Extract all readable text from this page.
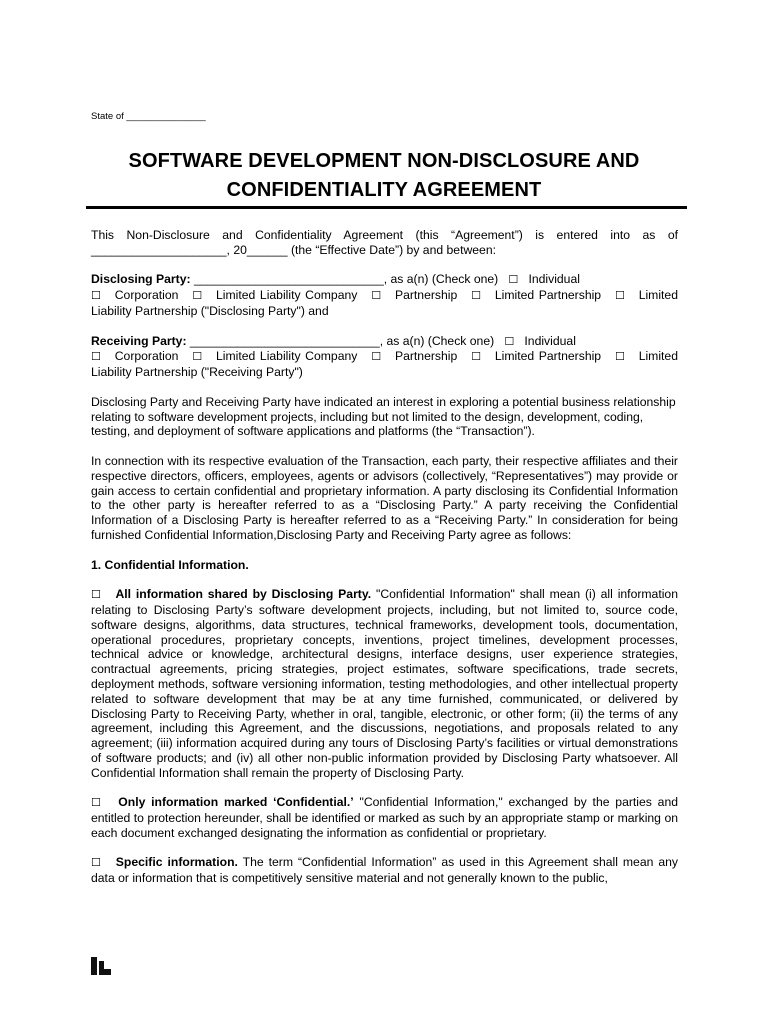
State of _______________
SOFTWARE DEVELOPMENT NON-DISCLOSURE AND
CONFIDENTIALITY AGREEMENT

This Non-Disclosure and Confidentiality Agreement (this “Agreement”) is entered into as of ____________________, 20______ (the “Effective Date”) by and between:

Disclosing Party: ____________________________, as a(n) (Check one) ☐ Individual
☐ Corporation ☐ Limited Liability Company ☐ Partnership ☐ Limited Partnership ☐ Limited Liability Partnership ("Disclosing Party") and

Receiving Party: ____________________________, as a(n) (Check one) ☐ Individual
☐ Corporation ☐ Limited Liability Company ☐ Partnership ☐ Limited Partnership ☐ Limited Liability Partnership ("Receiving Party")

Disclosing Party and Receiving Party have indicated an interest in exploring a potential business relationship relating to software development projects, including but not limited to the design, development, coding, testing, and deployment of software applications and platforms (the “Transaction”).

In connection with its respective evaluation of the Transaction, each party, their respective affiliates and their respective directors, officers, employees, agents or advisors (collectively, “Representatives”) may provide or gain access to certain confidential and proprietary information. A party disclosing its Confidential Information to the other party is hereafter referred to as a “Disclosing Party.” A party receiving the Confidential Information of a Disclosing Party is hereafter referred to as a “Receiving Party.” In consideration for being furnished Confidential Information,Disclosing Party and Receiving Party agree as follows:

1. Confidential Information.

☐ All information shared by Disclosing Party. "Confidential Information" shall mean (i) all information relating to Disclosing Party’s software development projects, including, but not limited to, source code, software designs, algorithms, data structures, technical frameworks, development tools, documentation, operational procedures, proprietary concepts, inventions, project timelines, development processes, technical advice or knowledge, architectural designs, interface designs, user experience strategies, contractual agreements, pricing strategies, project estimates, software specifications, trade secrets, deployment methods, software versioning information, testing methodologies, and other intellectual property related to software development that may be at any time furnished, communicated, or delivered by Disclosing Party to Receiving Party, whether in oral, tangible, electronic, or other form; (ii) the terms of any agreement, including this Agreement, and the discussions, negotiations, and proposals related to any agreement; (iii) information acquired during any tours of Disclosing Party’s facilities or virtual demonstrations of software products; and (iv) all other non-public information provided by Disclosing Party whatsoever. All Confidential Information shall remain the property of Disclosing Party.

☐ Only information marked ‘Confidential.’ "Confidential Information," exchanged by the parties and entitled to protection hereunder, shall be identified or marked as such by an appropriate stamp or marking on each document exchanged designating the information as confidential or proprietary.

☐ Specific information. The term “Confidential Information” as used in this Agreement shall mean any data or information that is competitively sensitive material and not generally known to the public,
